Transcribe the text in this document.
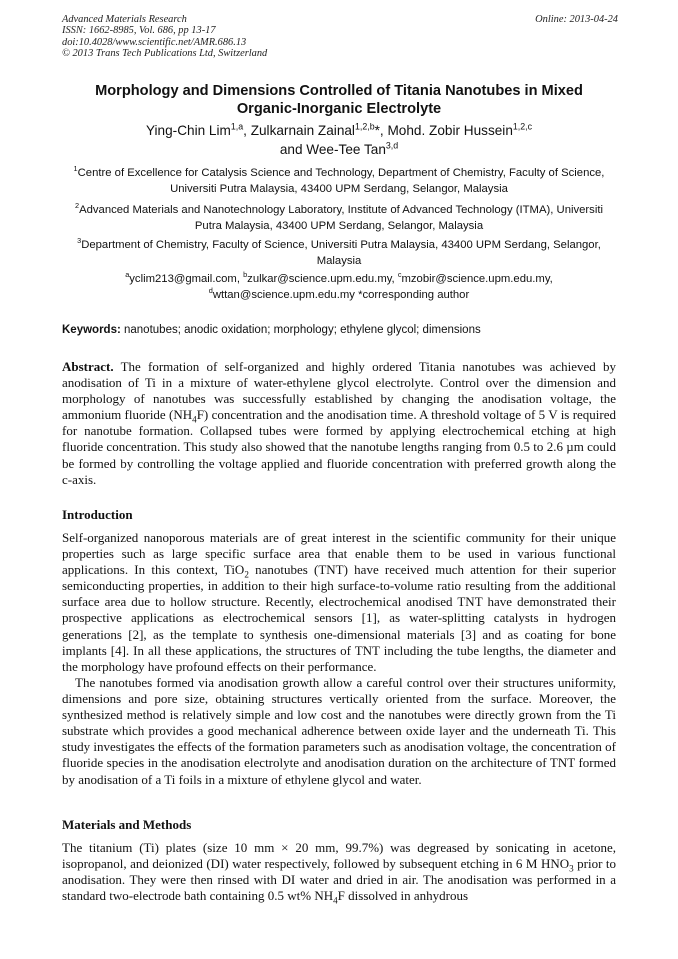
Advanced Materials Research
ISSN: 1662-8985, Vol. 686, pp 13-17
doi:10.4028/www.scientific.net/AMR.686.13
© 2013 Trans Tech Publications Ltd, Switzerland
Online: 2013-04-24
Morphology and Dimensions Controlled of Titania Nanotubes in Mixed
Organic-Inorganic Electrolyte
Ying-Chin Lim$^{1,a}$, Zulkarnain Zainal$^{1,2,b}$*, Mohd. Zobir Hussein$^{1,2,c}$
and Wee-Tee Tan$^{3,d}$
$^1$Centre of Excellence for Catalysis Science and Technology, Department of Chemistry, Faculty of Science, Universiti Putra Malaysia, 43400 UPM Serdang, Selangor, Malaysia
$^2$Advanced Materials and Nanotechnology Laboratory, Institute of Advanced Technology (ITMA), Universiti Putra Malaysia, 43400 UPM Serdang, Selangor, Malaysia
$^3$Department of Chemistry, Faculty of Science, Universiti Putra Malaysia, 43400 UPM Serdang, Selangor, Malaysia
$^a$yclim213@gmail.com, $^b$zulkar@science.upm.edu.my, $^c$mzobir@science.upm.edu.my,
$^d$wttan@science.upm.edu.my *corresponding author
Keywords: nanotubes; anodic oxidation; morphology; ethylene glycol; dimensions
Abstract. The formation of self-organized and highly ordered Titania nanotubes was achieved by anodisation of Ti in a mixture of water-ethylene glycol electrolyte. Control over the dimension and morphology of nanotubes was successfully established by changing the anodisation voltage, the ammonium fluoride $(NH_4F)$ concentration and the anodisation time. A threshold voltage of 5 V is required for nanotube formation. Collapsed tubes were formed by applying electrochemical etching at high fluoride concentration. This study also showed that the nanotube lengths ranging from 0.5 to 2.6 µm could be formed by controlling the voltage applied and fluoride concentration with preferred growth along the c-axis.
Introduction
Self-organized nanoporous materials are of great interest in the scientific community for their unique properties such as large specific surface area that enable them to be used in various functional applications. In this context, TiO$_2$ nanotubes (TNT) have received much attention for their superior semiconducting properties, in addition to their high surface-to-volume ratio resulting from the additional surface area due to hollow structure. Recently, electrochemical anodised TNT have demonstrated their prospective applications as electrochemical sensors [1], as water-splitting catalysts in hydrogen generations [2], as the template to synthesis one-dimensional materials [3] and as coating for bone implants [4]. In all these applications, the structures of TNT including the tube lengths, the diameter and the morphology have profound effects on their performance.
The nanotubes formed via anodisation growth allow a careful control over their structures uniformity, dimensions and pore size, obtaining structures vertically oriented from the surface. Moreover, the synthesized method is relatively simple and low cost and the nanotubes were directly grown from the Ti substrate which provides a good mechanical adherence between oxide layer and the underneath Ti. This study investigates the effects of the formation parameters such as anodisation voltage, the concentration of fluoride species in the anodisation electrolyte and anodisation duration on the architecture of TNT formed by anodisation of a Ti foils in a mixture of ethylene glycol and water.
Materials and Methods
The titanium (Ti) plates (size 10 mm × 20 mm, 99.7%) was degreased by sonicating in acetone, isopropanol, and deionized (DI) water respectively, followed by subsequent etching in 6 M $HNO_3$ prior to anodisation. They were then rinsed with DI water and dried in air. The anodisation was performed in a standard two-electrode bath containing 0.5 wt% $NH_4F$ dissolved in anhydrous
